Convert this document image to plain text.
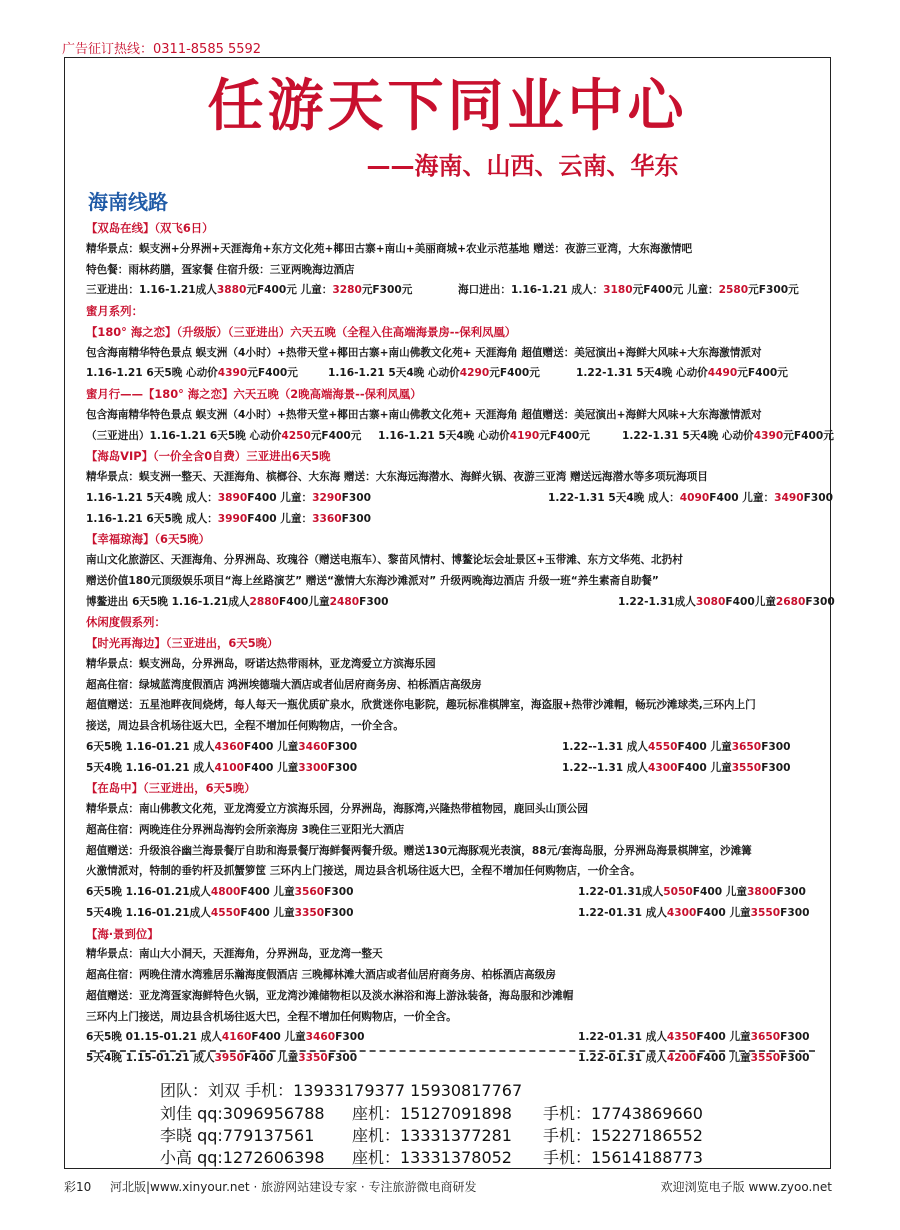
广告征订热线：0311-8585 5592
任游天下同业中心
——海南、山西、云南、华东
海南线路
【双岛在线】（双飞6日）
精华景点：蜈支洲+分界洲+天涯海角+东方文化苑+椰田古寨+南山+美丽商城+农业示范基地 赠送：夜游三亚湾，大东海激情吧
特色餐：雨林药膳，疍家餐 住宿升级：三亚两晚海边酒店
三亚进出：1.16-1.21成人3880元F400元 儿童：3280元F300元	海口进出：1.16-1.21 成人：3180元F400元 儿童：2580元F300元
蜜月系列：
【180° 海之恋】（升级版）（三亚进出）六天五晚（全程入住高端海景房--保利凤凰）
包含海南精华特色景点 蜈支洲（4小时）+热带天堂+椰田古寨+南山佛教文化苑+ 天涯海角 超值赠送：美冠演出+海鲜大风味+大东海激情派对
1.16-1.21 6天5晚 心动价4390元F400元	1.16-1.21 5天4晚 心动价4290元F400元	1.22-1.31 5天4晚 心动价4490元F400元
蜜月行——【180° 海之恋】六天五晚（2晚高端海景--保利凤凰）
包含海南精华特色景点 蜈支洲（4小时）+热带天堂+椰田古寨+南山佛教文化苑+ 天涯海角 超值赠送：美冠演出+海鲜大风味+大东海激情派对
（三亚进出）1.16-1.21 6天5晚 心动价4250元F400元 1.16-1.21 5天4晚 心动价4190元F400元	1.22-1.31 5天4晚 心动价4390元F400元
【海岛VIP】（一价全含0自费）三亚进出6天5晚
精华景点：蜈支洲一整天、天涯海角、槟榔谷、大东海 赠送：大东海远海潜水、海鲜火锅、夜游三亚湾 赠送远海潜水等多项玩海项目
1.16-1.21 5天4晚 成人：3890F400 儿童：3290F300	1.22-1.31 5天4晚 成人：4090F400 儿童：3490F300
1.16-1.21 6天5晚 成人：3990F400 儿童：3360F300
【幸福琼海】（6天5晚）
南山文化旅游区、天涯海角、分界洲岛、玫瑰谷（赠送电瓶车）、黎苗风情村、博鳌论坛会址景区+玉带滩、东方文华苑、北扔村
赠送价值180元顶级娱乐项目“海上丝路演艺” 赠送“激情大东海沙滩派对” 升级两晚海边酒店 升级一班“养生素斋自助餐”
博鳌进出 6天5晚 1.16-1.21成人2880F400儿童2480F300	1.22-1.31成人3080F400儿童2680F300
休闲度假系列：
【时光再海边】（三亚进出，6天5晚）
精华景点：蜈支洲岛，分界洲岛，呀诺达热带雨林，亚龙湾爱立方滨海乐园
超高住宿：绿城蓝湾度假酒店 鸿洲埃德瑞大酒店或者仙居府商务房、柏栎酒店高级房
超值赠送：五星池畔夜间烧烤，每人每天一瓶优质矿泉水，欣赏迷你电影院，趣玩标准棋牌室，海盗服+热带沙滩帽，畅玩沙滩球类,三环内上门
接送，周边县含机场往返大巴，全程不增加任何购物店，一价全含。
6天5晚 1.16-01.21 成人4360F400 儿童3460F300	1.22--1.31 成人4550F400 儿童3650F300
5天4晚 1.16-01.21 成人4100F400 儿童3300F300	1.22--1.31 成人4300F400 儿童3550F300
【在岛中】（三亚进出，6天5晚）
精华景点：南山佛教文化苑，亚龙湾爱立方滨海乐园，分界洲岛，海豚湾,兴隆热带植物园，鹿回头山顶公园
超高住宿：两晚连住分界洲岛海钓会所亲海房 3晚住三亚阳光大酒店
超值赠送：升级浪谷幽兰海景餐厅自助和海景餐厅海鲜餐两餐升级。赠送130元海豚观光表演，88元/套海岛服，分界洲岛海景棋牌室，沙滩篝
火激情派对，特制的垂钓杆及抓蟹箩筐 三环内上门接送，周边县含机场往返大巴，全程不增加任何购物店，一价全含。
6天5晚 1.16-01.21成人4800F400 儿童3560F300	1.22-01.31成人5050F400 儿童3800F300
5天4晚 1.16-01.21成人4550F400 儿童3350F300	1.22-01.31 成人4300F400 儿童3550F300
【海·景到位】
精华景点：南山大小洞天，天涯海角，分界洲岛，亚龙湾一整天
超高住宿：两晚住清水湾雅居乐瀚海度假酒店 三晚椰林滩大酒店或者仙居府商务房、柏栎酒店高级房
超值赠送：亚龙湾疍家海鲜特色火锅，亚龙湾沙滩储物柜以及淡水淋浴和海上游泳装备，海岛服和沙滩帽
三环内上门接送，周边县含机场往返大巴，全程不增加任何购物店，一价全含。
6天5晚 01.15-01.21 成人4160F400 儿童3460F300	1.22-01.31 成人4350F400 儿童3650F300
5天4晚 1.15-01.21 成人3950F400 儿童3350F300	1.22-01.31 成人4200F400 儿童3550F300
团队：刘双 手机：13933179377 15930817767
刘佳 qq:3096956788 座机：15127091898 手机：17743869660
李晓 qq:779137561 座机：13331377281 手机：15227186552
小高 qq:1272606398 座机：13331378052 手机：15614188773
彩10 河北版|www.xinyour.net · 旅游网站建设专家 · 专注旅游微电商研发	欢迎浏览电子版 www.zyoo.net
